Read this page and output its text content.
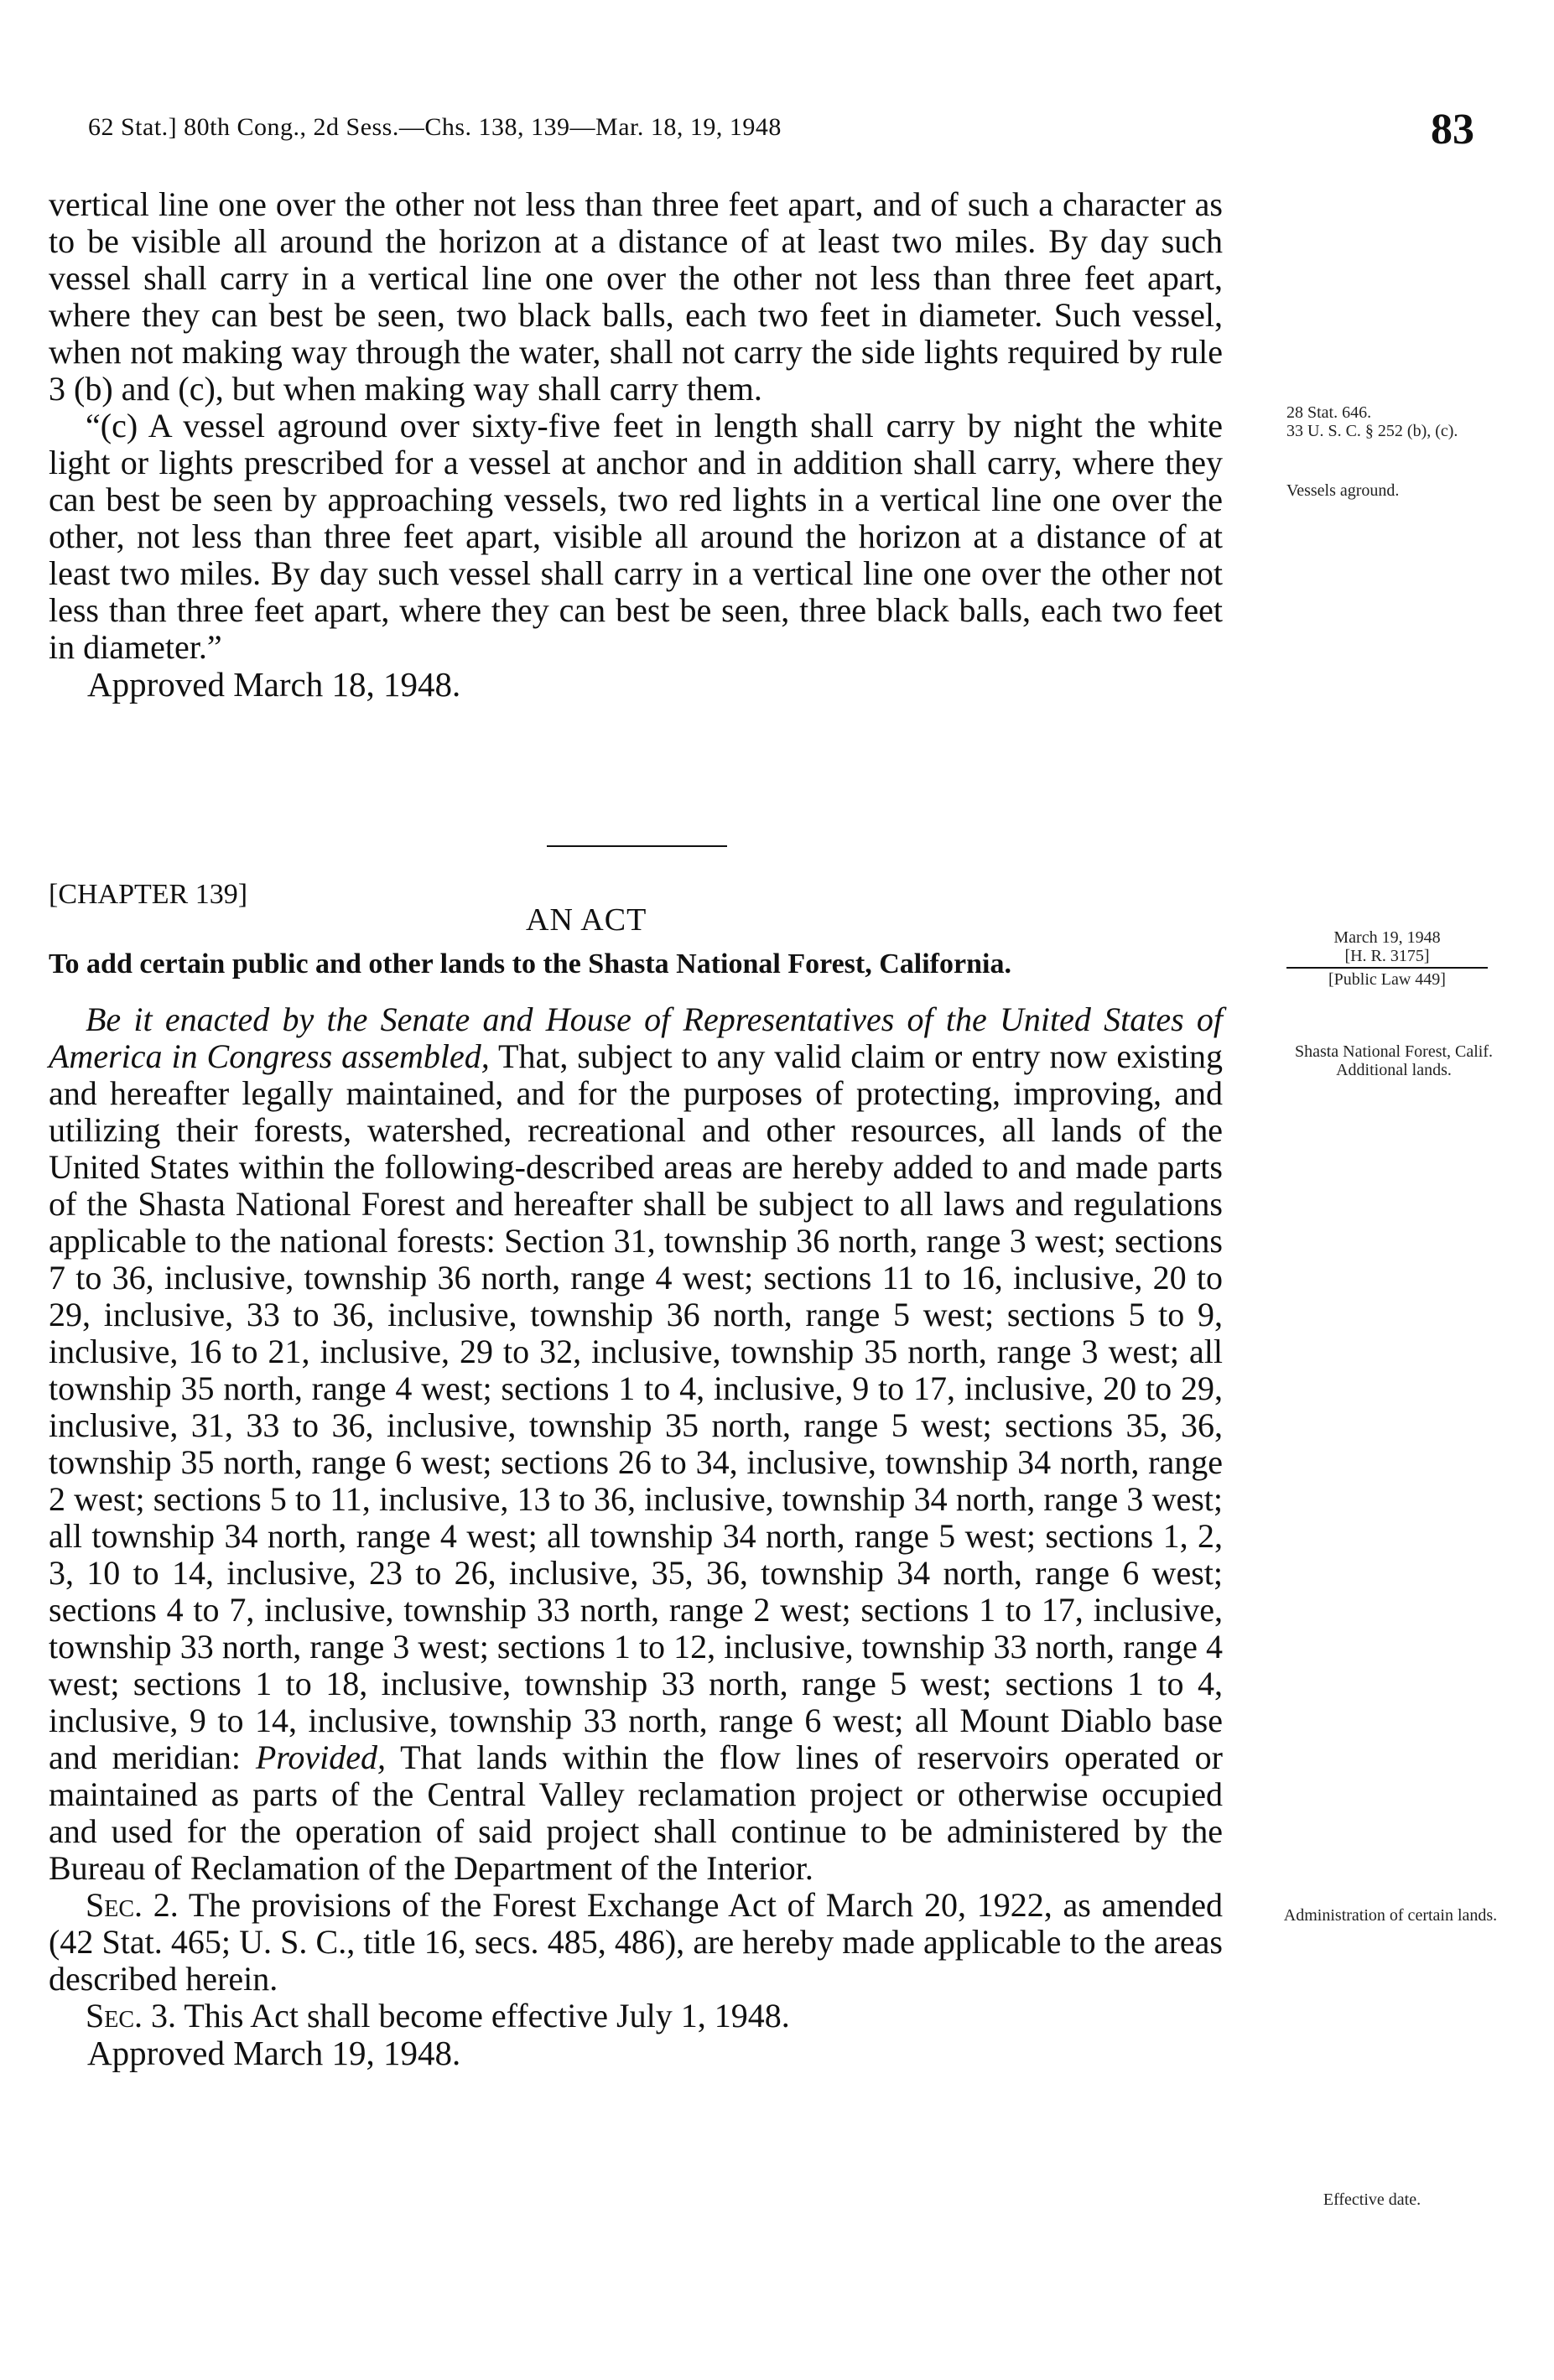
62 Stat.] 80th Cong., 2d Sess.—Chs. 138, 139—Mar. 18, 19, 1948	83

vertical line one over the other not less than three feet apart, and of such a character as to be visible all around the horizon at a distance of at least two miles. By day such vessel shall carry in a vertical line one over the other not less than three feet apart, where they can best be seen, two black balls, each two feet in diameter. Such vessel, when not making way through the water, shall not carry the side lights required by rule 3 (b) and (c), but when making way shall carry them.

“(c) A vessel aground over sixty-five feet in length shall carry by night the white light or lights prescribed for a vessel at anchor and in addition shall carry, where they can best be seen by approaching vessels, two red lights in a vertical line one over the other, not less than three feet apart, visible all around the horizon at a distance of at least two miles. By day such vessel shall carry in a vertical line one over the other not less than three feet apart, where they can best be seen, three black balls, each two feet in diameter.”

Approved March 18, 1948.

28 Stat. 646.
33 U. S. C. § 252 (b), (c).
Vessels aground.
[CHAPTER 139]
AN ACT
To add certain public and other lands to the Shasta National Forest, California.
March 19, 1948
[H. R. 3175]
[Public Law 449]
Shasta National Forest, Calif.
Additional lands.

Be it enacted by the Senate and House of Representatives of the United States of America in Congress assembled, That, subject to any valid claim or entry now existing and hereafter legally maintained, and for the purposes of protecting, improving, and utilizing their forests, watershed, recreational and other resources, all lands of the United States within the following-described areas are hereby added to and made parts of the Shasta National Forest and hereafter shall be subject to all laws and regulations applicable to the national forests: Section 31, township 36 north, range 3 west; sections 7 to 36, inclusive, township 36 north, range 4 west; sections 11 to 16, inclusive, 20 to 29, inclusive, 33 to 36, inclusive, township 36 north, range 5 west; sections 5 to 9, inclusive, 16 to 21, inclusive, 29 to 32, inclusive, township 35 north, range 3 west; all township 35 north, range 4 west; sections 1 to 4, inclusive, 9 to 17, inclusive, 20 to 29, inclusive, 31, 33 to 36, inclusive, township 35 north, range 5 west; sections 35, 36, township 35 north, range 6 west; sections 26 to 34, inclusive, township 34 north, range 2 west; sections 5 to 11, inclusive, 13 to 36, inclusive, township 34 north, range 3 west; all township 34 north, range 4 west; all township 34 north, range 5 west; sections 1, 2, 3, 10 to 14, inclusive, 23 to 26, inclusive, 35, 36, township 34 north, range 6 west; sections 4 to 7, inclusive, township 33 north, range 2 west; sections 1 to 17, inclusive, township 33 north, range 3 west; sections 1 to 12, inclusive, township 33 north, range 4 west; sections 1 to 18, inclusive, township 33 north, range 5 west; sections 1 to 4, inclusive, 9 to 14, inclusive, township 33 north, range 6 west; all Mount Diablo base and meridian: Provided, That lands within the flow lines of reservoirs operated or maintained as parts of the Central Valley reclamation project or otherwise occupied and used for the operation of said project shall continue to be administered by the Bureau of Reclamation of the Department of the Interior.

Sec. 2. The provisions of the Forest Exchange Act of March 20, 1922, as amended (42 Stat. 465; U. S. C., title 16, secs. 485, 486), are hereby made applicable to the areas described herein.

Sec. 3. This Act shall become effective July 1, 1948.

Approved March 19, 1948.

Administration of certain lands.
Effective date.
